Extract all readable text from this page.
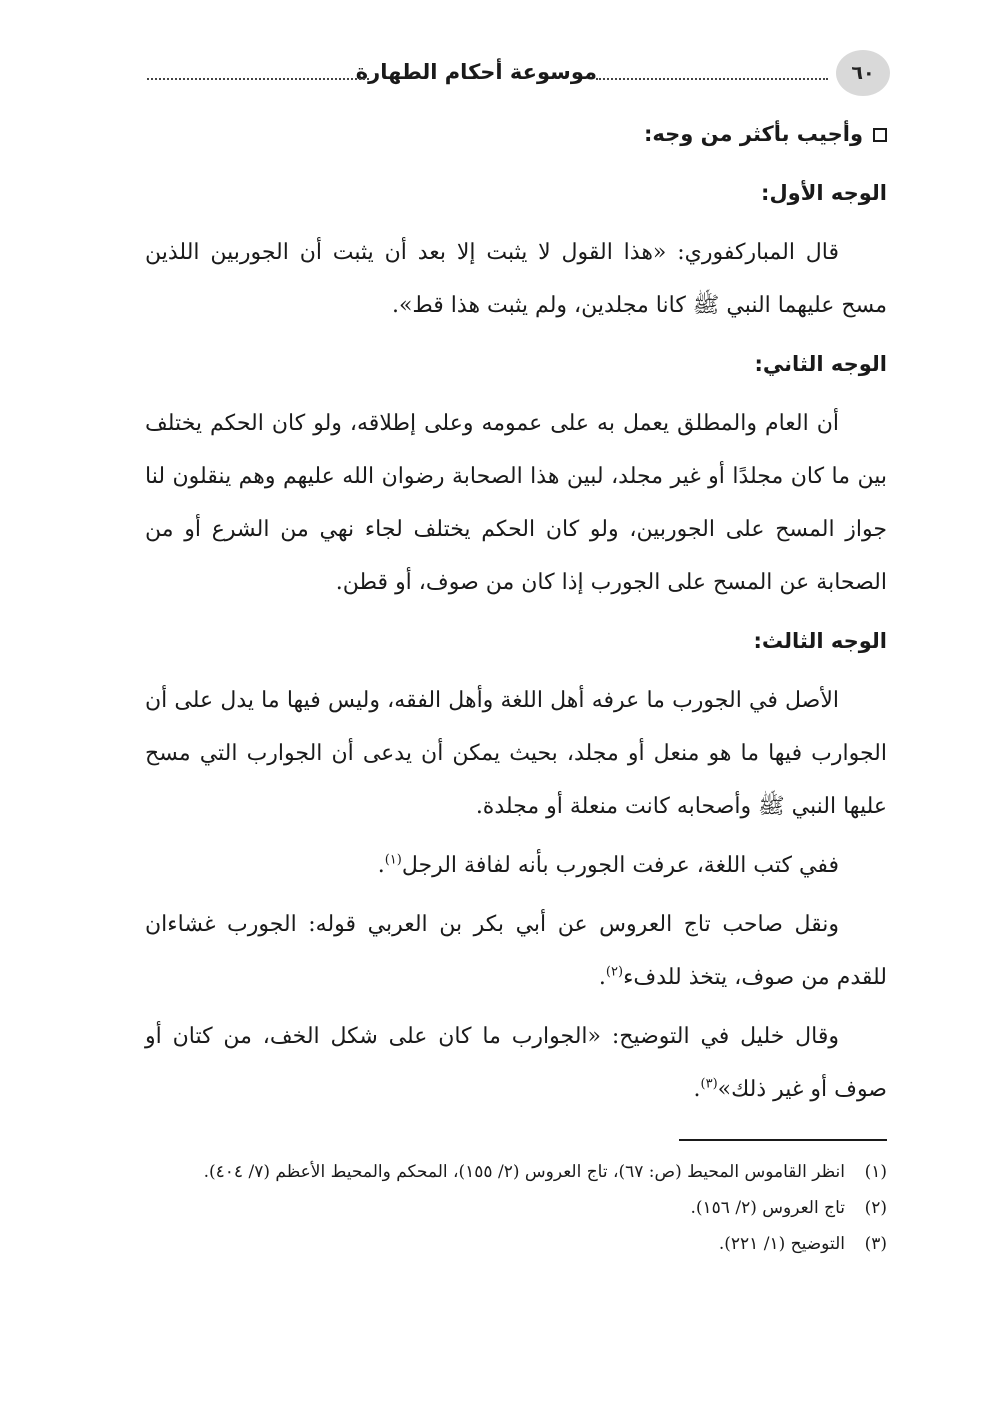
٦٠
موسوعة أحكام الطهارة
وأجيب بأكثر من وجه:
الوجه الأول:

قال المباركفوري: «هذا القول لا يثبت إلا بعد أن يثبت أن الجوربين اللذين مسح عليهما النبي ﷺ كانا مجلدين، ولم يثبت هذا قط».

الوجه الثاني:

أن العام والمطلق يعمل به على عمومه وعلى إطلاقه، ولو كان الحكم يختلف بين ما كان مجلدًا أو غير مجلد، لبين هذا الصحابة رضوان الله عليهم وهم ينقلون لنا جواز المسح على الجوربين، ولو كان الحكم يختلف لجاء نهي من الشرع أو من الصحابة عن المسح على الجورب إذا كان من صوف، أو قطن.

الوجه الثالث:

الأصل في الجورب ما عرفه أهل اللغة وأهل الفقه، وليس فيها ما يدل على أن الجوارب فيها ما هو منعل أو مجلد، بحيث يمكن أن يدعى أن الجوارب التي مسح عليها النبي ﷺ وأصحابه كانت منعلة أو مجلدة.

ففي كتب اللغة، عرفت الجورب بأنه لفافة الرجل$^{(١)}$.

ونقل صاحب تاج العروس عن أبي بكر بن العربي قوله: الجورب غشاءان للقدم من صوف، يتخذ للدفء$^{(٢)}$.

وقال خليل في التوضيح: «الجوارب ما كان على شكل الخف، من كتان أو صوف أو غير ذلك»$^{(٣)}$.

(١)
انظر القاموس المحيط (ص: ٦٧)، تاج العروس (٢/ ١٥٥)، المحكم والمحيط الأعظم (٧/ ٤٠٤).
(٢)
تاج العروس (٢/ ١٥٦).
(٣)
التوضيح (١/ ٢٢١).
